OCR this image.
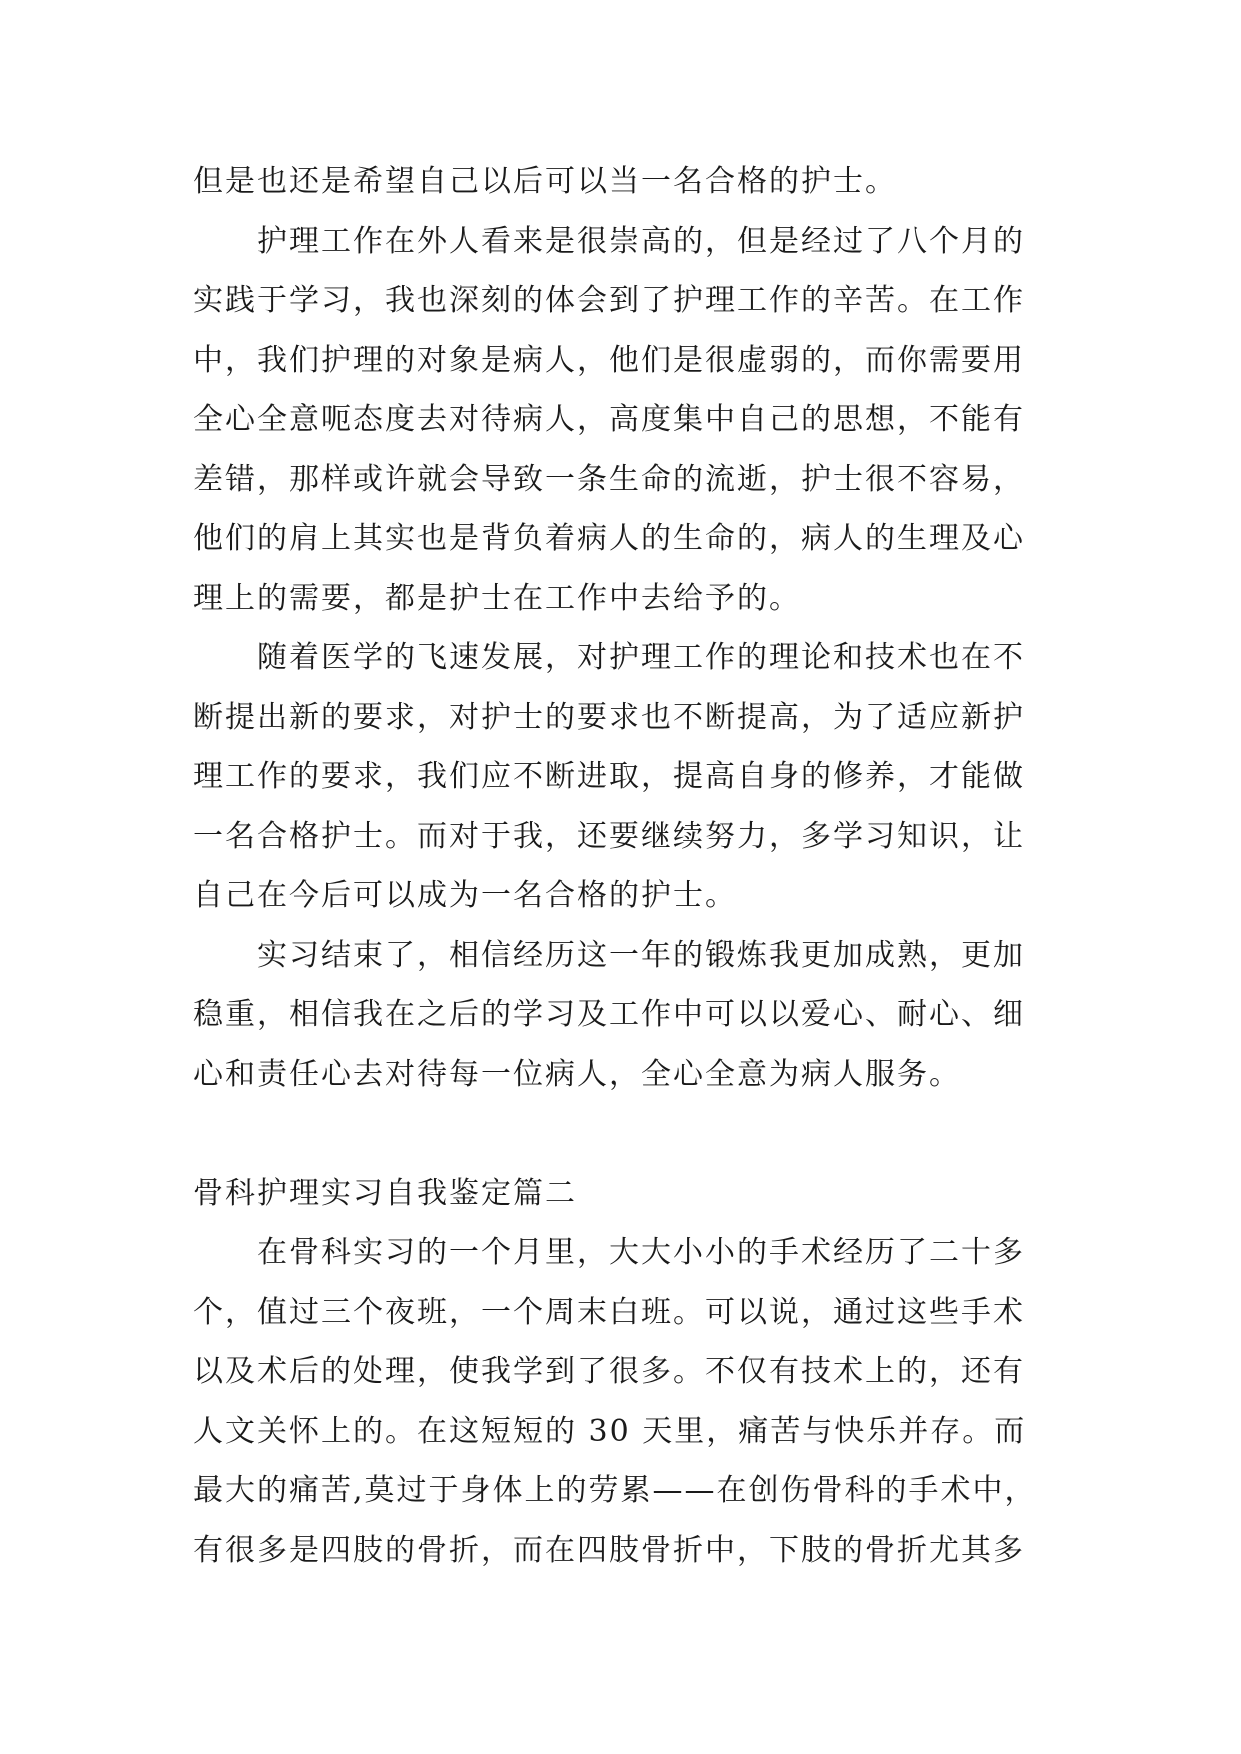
但是也还是希望自己以后可以当一名合格的护士。
护理工作在外人看来是很崇高的，但是经过了八个月的
实践于学习，我也深刻的体会到了护理工作的辛苦。在工作
中，我们护理的对象是病人，他们是很虚弱的，而你需要用
全心全意呃态度去对待病人，高度集中自己的思想，不能有
差错，那样或许就会导致一条生命的流逝，护士很不容易，
他们的肩上其实也是背负着病人的生命的，病人的生理及心
理上的需要，都是护士在工作中去给予的。
随着医学的飞速发展，对护理工作的理论和技术也在不
断提出新的要求，对护士的要求也不断提高，为了适应新护
理工作的要求，我们应不断进取，提高自身的修养，才能做
一名合格护士。而对于我，还要继续努力，多学习知识，让
自己在今后可以成为一名合格的护士。
实习结束了，相信经历这一年的锻炼我更加成熟，更加
稳重，相信我在之后的学习及工作中可以以爱心、耐心、细
心和责任心去对待每一位病人，全心全意为病人服务。
骨科护理实习自我鉴定篇二
在骨科实习的一个月里，大大小小的手术经历了二十多
个，值过三个夜班，一个周末白班。可以说，通过这些手术
以及术后的处理，使我学到了很多。不仅有技术上的，还有
人文关怀上的。在这短短的 30 天里，痛苦与快乐并存。而
最大的痛苦,莫过于身体上的劳累——在创伤骨科的手术中，
有很多是四肢的骨折，而在四肢骨折中，下肢的骨折尤其多
